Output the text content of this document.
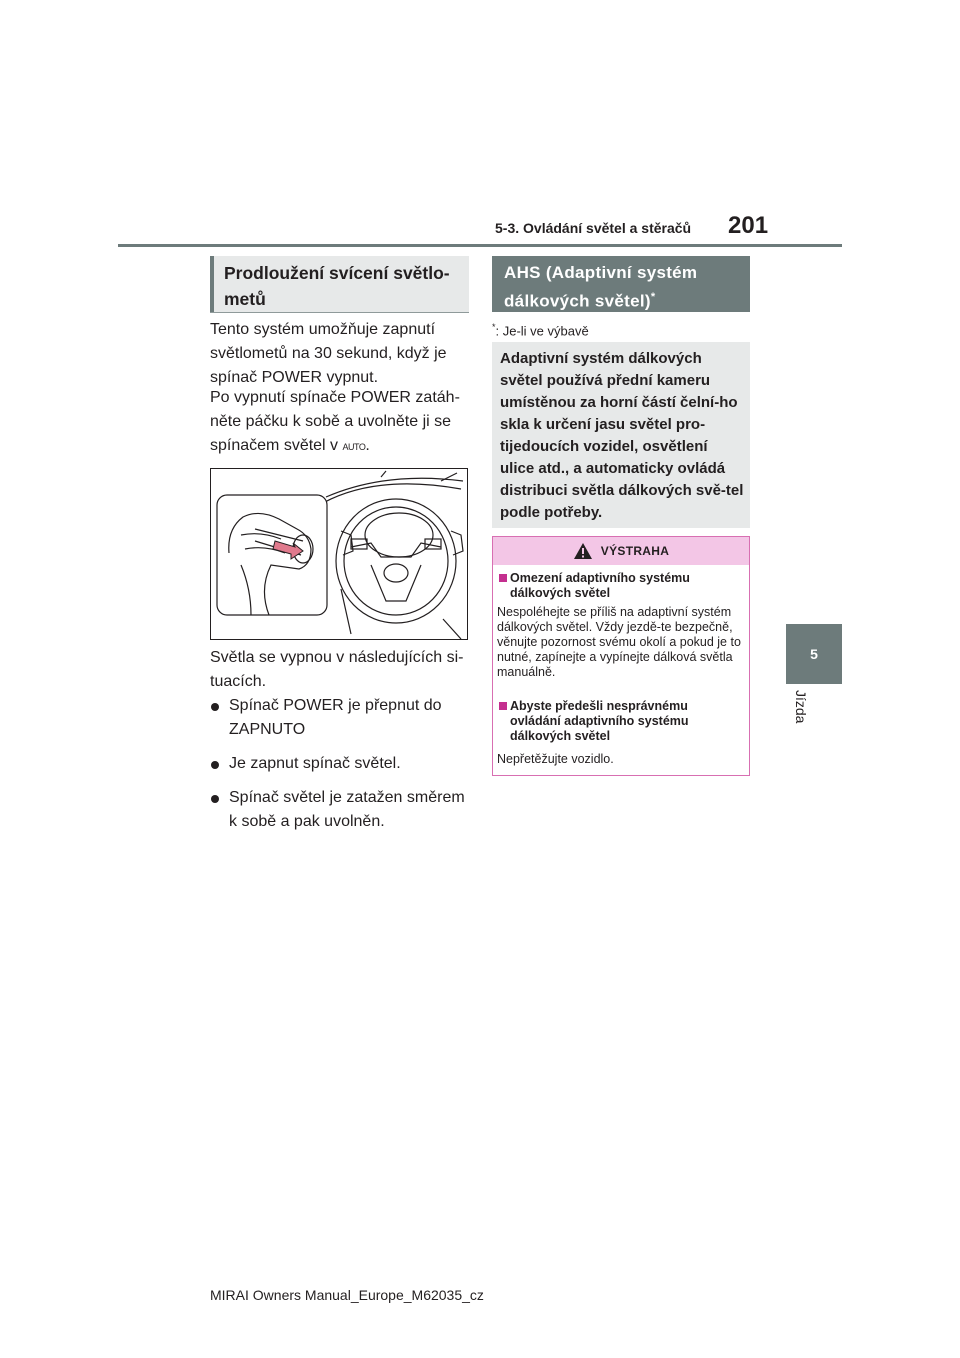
5-3. Ovládání světel a stěračů 201
5
Jízda
Prodloužení svícení světlo-
metů
Tento systém umožňuje zapnutí světlometů na 30 sekund, když je spínač POWER vypnut.
Po vypnutí spínače POWER zatáh-něte páčku k sobě a uvolněte ji se spínačem světel v AUTO.
Světla se vypnou v následujících si-tuacích.
Spínač POWER je přepnut do ZAPNUTO
Je zapnut spínač světel.
Spínač světel je zatažen směrem k sobě a pak uvolněn.
AHS (Adaptivní systém
dálkových světel)*
*: Je-li ve výbavě
Adaptivní systém dálkových světel používá přední kameru umístěnou za horní částí čelní-ho skla k určení jasu světel pro-tijedoucích vozidel, osvětlení ulice atd., a automaticky ovládá distribuci světla dálkových svě-tel podle potřeby.
VÝSTRAHA
Omezení adaptivního systému dálkových světel
Nespoléhejte se příliš na adaptivní systém dálkových světel. Vždy jezdě-te bezpečně, věnujte pozornost svému okolí a pokud je to nutné, zapínejte a vypínejte dálková světla manuálně.
Abyste předešli nesprávnému ovládání adaptivního systému dálkových světel
Nepřetěžujte vozidlo.
MIRAI Owners Manual_Europe_M62035_cz
